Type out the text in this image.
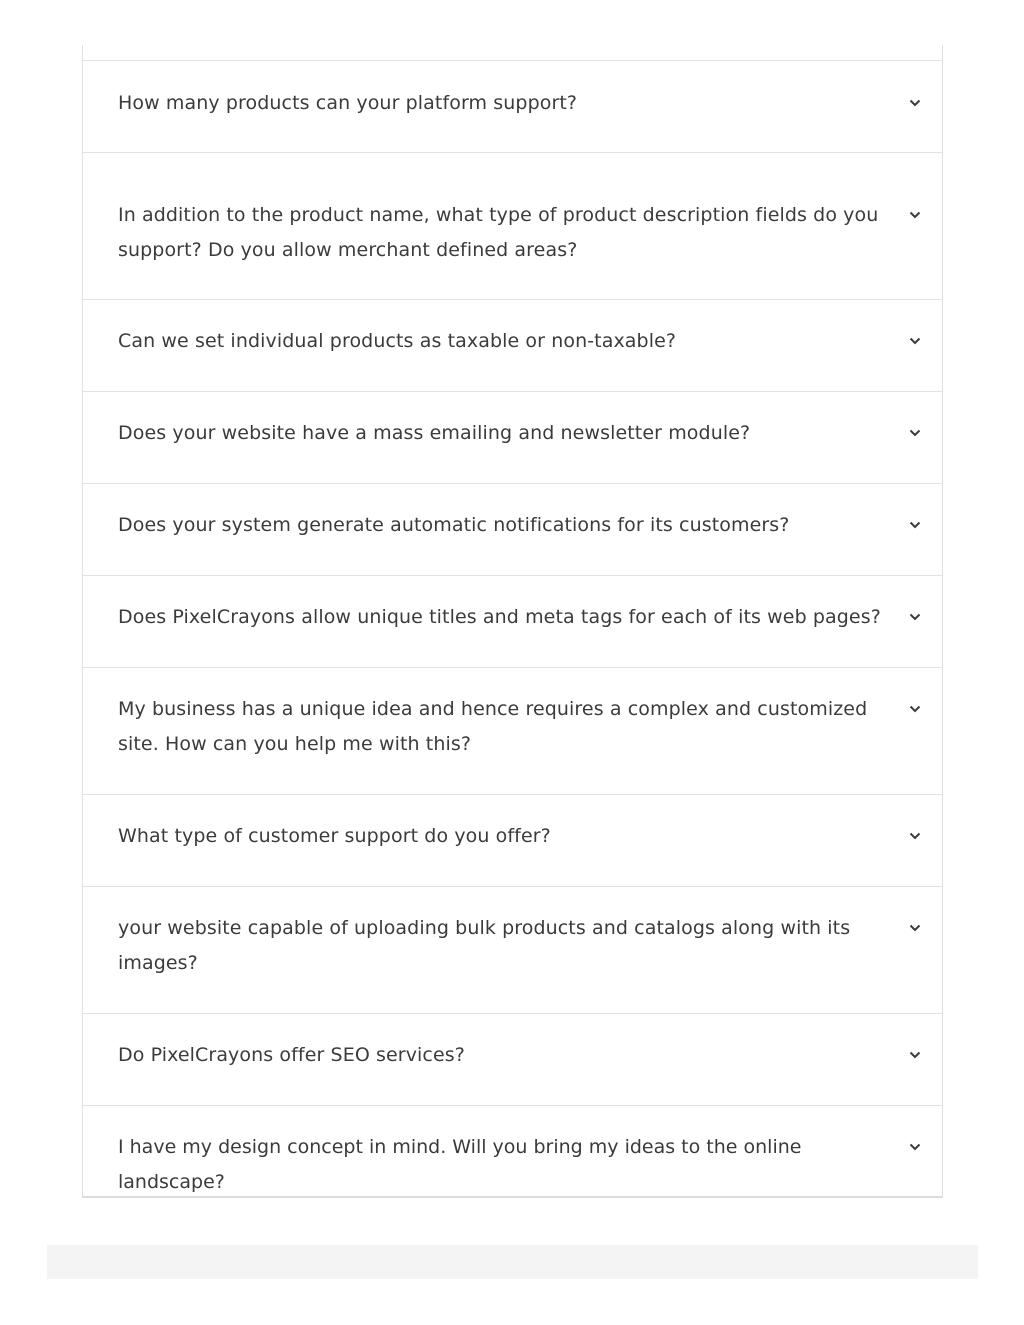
How many products can your platform support?
In addition to the product name, what type of product description fields do you support? Do you allow merchant defined areas?
Can we set individual products as taxable or non-taxable?
Does your website have a mass emailing and newsletter module?
Does your system generate automatic notifications for its customers?
Does PixelCrayons allow unique titles and meta tags for each of its web pages?
My business has a unique idea and hence requires a complex and customized site. How can you help me with this?
What type of customer support do you offer?
your website capable of uploading bulk products and catalogs along with its images?
Do PixelCrayons offer SEO services?
I have my design concept in mind. Will you bring my ideas to the online landscape?
